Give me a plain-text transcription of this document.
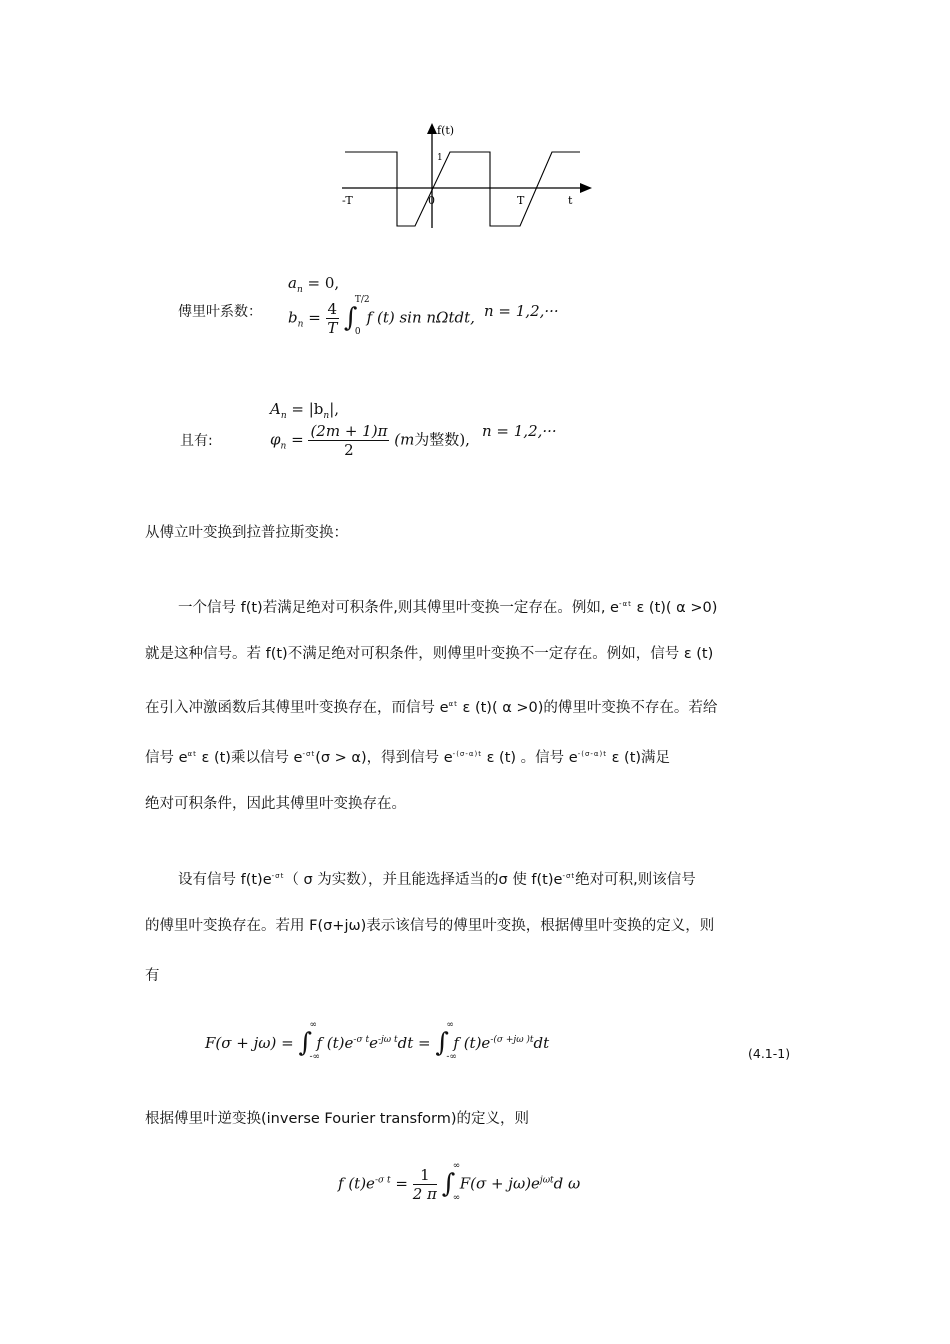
f(t)
t
-T	0	T
1
傅里叶系数：
$a_n = 0$,
$b_n = \frac{4}{T}$
∫
T/2
0
f (t) sin nΩtdt, n = 1,2,···
且有:
$A_n = |b_n|$,
$\varphi_n = \frac{(2m + 1)\pi}{2} (m$为整数), n = 1,2,···
从傅立叶变换到拉普拉斯变换：
一个信号 f(t)若满足绝对可积条件,则其傅里叶变换一定存在。例如, $e^{-\alpha t}$ ε (t)( α >0)
就是这种信号。若 f(t)不满足绝对可积条件，则傅里叶变换不一定存在。例如，信号 ε (t)
在引入冲激函数后其傅里叶变换存在，而信号 $e^{\alpha t}$ ε (t)( α >0)的傅里叶变换不存在。若给
信号 $e^{\alpha t}$ ε (t)乘以信号 $e^{-\sigma t}(\sigma > \alpha)$，得到信号 $e^{-(\sigma-\alpha)t}$ ε (t) 。信号 $e^{-(\sigma-\alpha)t}$ ε (t)满足
绝对可积条件，因此其傅里叶变换存在。
设有信号 $f(t)e^{-\sigma t}$（ σ 为实数），并且能选择适当的σ 使 $f(t)e^{-\sigma t}$绝对可积,则该信号
的傅里叶变换存在。若用 F(σ+jω)表示该信号的傅里叶变换，根据傅里叶变换的定义，则
有
F(σ + jω) = ∫
∞
-∞
f $(t)e^{-\sigma t}e^{-j\omega t}dt$ = ∫
∞
-∞
f $(t)e^{-(\sigma +j\omega )t}dt$
(4.1-1)
根据傅里叶逆变换(inverse Fourier transform)的定义，则
f $(t)e^{-\sigma t} = \frac{1}{2 \pi}$
∫
∞
∞
$F(\sigma + j\omega)e^{j\omega t}d$ ω
